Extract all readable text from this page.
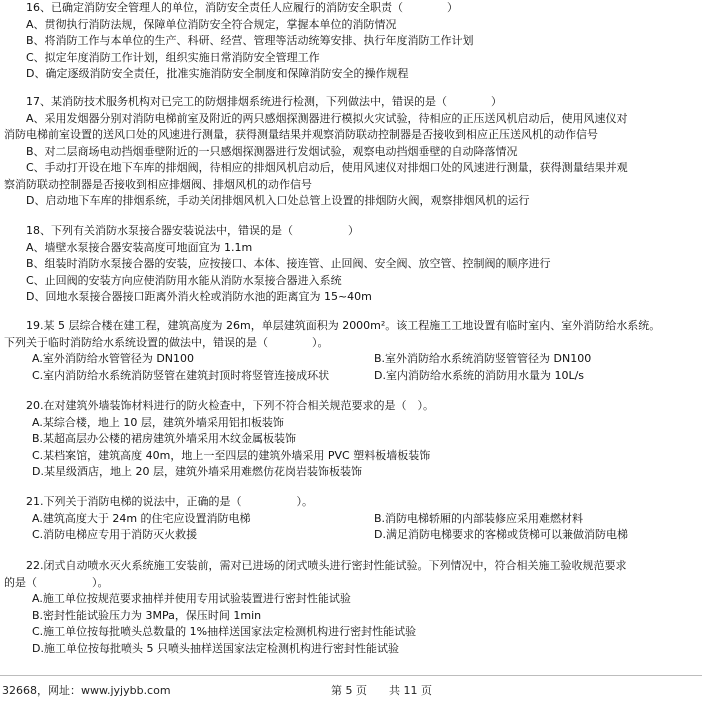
16、已确定消防安全管理人的单位，消防安全责任人应履行的消防安全职责（　　　　）
A、贯彻执行消防法规，保障单位消防安全符合规定，掌握本单位的消防情况
B、将消防工作与本单位的生产、科研、经营、管理等活动统筹安排、执行年度消防工作计划
C、拟定年度消防工作计划，组织实施日常消防安全管理工作
D、确定逐级消防安全责任，批准实施消防安全制度和保障消防安全的操作规程
17、某消防技术服务机构对已完工的防烟排烟系统进行检测，下列做法中，错误的是（　　　　）
A、采用发烟器分别对消防电梯前室及附近的两只感烟探测器进行模拟火灾试验，待相应的正压送风机启动后，使用风速仪对
消防电梯前室设置的送风口处的风速进行测量，获得测量结果并观察消防联动控制器是否接收到相应正压送风机的动作信号
B、对二层商场电动挡烟垂壁附近的一只感烟探测器进行发烟试验，观察电动挡烟垂壁的自动降落情况
C、手动打开设在地下车库的排烟阀，待相应的排烟风机启动后，使用风速仪对排烟口处的风速进行测量，获得测量结果并观
察消防联动控制器是否接收到相应排烟阀、排烟风机的动作信号
D、启动地下车库的排烟系统，手动关闭排烟风机入口处总管上设置的排烟防火阀，观察排烟风机的运行
18、下列有关消防水泵接合器安装说法中，错误的是（　　　　　）
A、墙壁水泵接合器安装高度可地面宜为 1.1m
B、组装时消防水泵接合器的安装，应按接口、本体、接连管、止回阀、安全阀、放空管、控制阀的顺序进行
C、止回阀的安装方向应使消防用水能从消防水泵接合器进入系统
D、回地水泵接合器接口距离外消火栓或消防水池的距离宜为 15~40m
19.某 5 层综合楼在建工程，建筑高度为 26m，单层建筑面积为 2000m²。该工程施工工地设置有临时室内、室外消防给水系统。
下列关于临时消防给水系统设置的做法中，错误的是（　　　　）。
A.室外消防给水管管径为 DN100	B.室外消防给水系统消防竖管管径为 DN100
C.室内消防给水系统消防竖管在建筑封顶时将竖管连接成环状	D.室内消防给水系统的消防用水量为 10L/s
20.在对建筑外墙装饰材料进行的防火检查中，下列不符合相关规范要求的是（　）。
A.某综合楼，地上 10 层，建筑外墙采用铝扣板装饰
B.某超高层办公楼的裙房建筑外墙采用木纹金属板装饰
C.某档案馆，建筑高度 40m，地上一至四层的建筑外墙采用 PVC 塑料板墙板装饰
D.某星级酒店，地上 20 层，建筑外墙采用难燃仿花岗岩装饰板装饰
21.下列关于消防电梯的说法中，正确的是（　　　　　）。
A.建筑高度大于 24m 的住宅应设置消防电梯	B.消防电梯轿厢的内部装修应采用难燃材料
C.消防电梯应专用于消防灭火救援	D.满足消防电梯要求的客梯或货梯可以兼做消防电梯
22.闭式自动喷水灭火系统施工安装前，需对已进场的闭式喷头进行密封性能试验。下列情况中，符合相关施工验收规范要求
的是（　　　　　）。
A.施工单位按规范要求抽样并使用专用试验装置进行密封性能试验
B.密封性能试验压力为 3MPa，保压时间 1min
C.施工单位按每批喷头总数量的 1%抽样送国家法定检测机构进行密封性能试验
D.施工单位按每批喷头 5 只喷头抽样送国家法定检测机构进行密封性能试验
32668，网址：www.jyjybb.com	第 5 页　　共 11 页
